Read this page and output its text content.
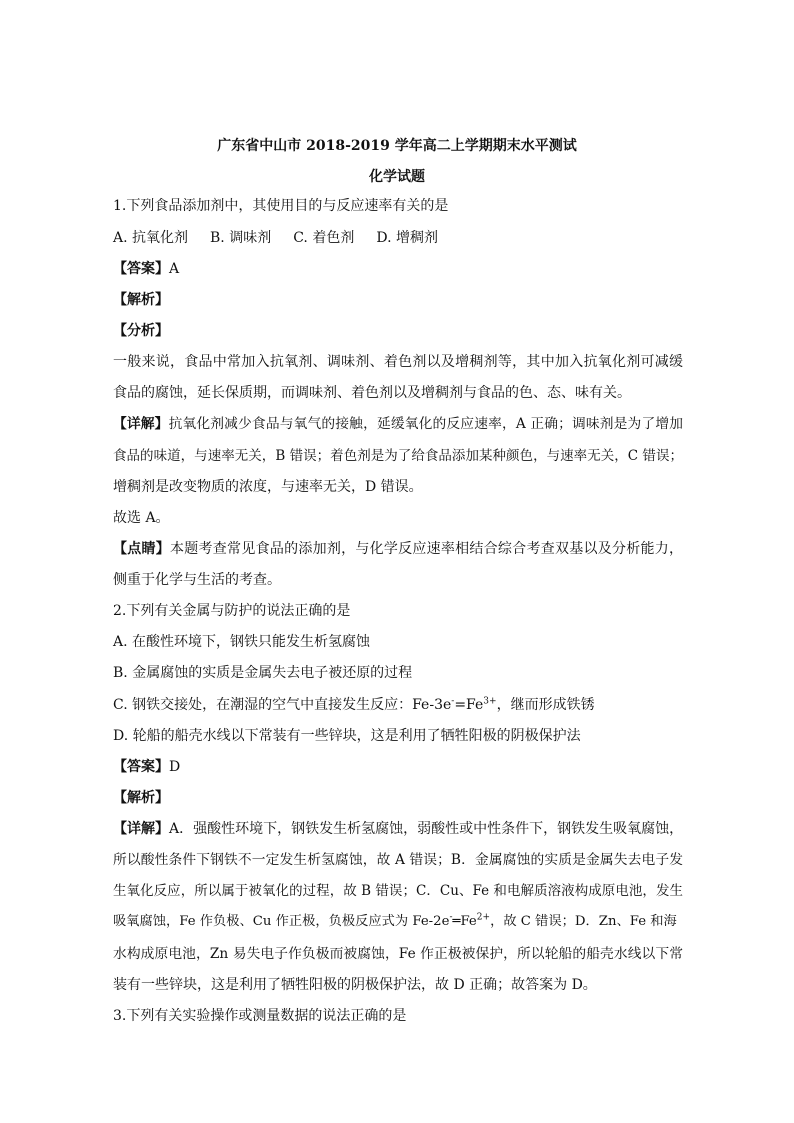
广东省中山市 2018-2019 学年高二上学期期末水平测试
化学试题
1.下列食品添加剂中，其使用目的与反应速率有关的是
A. 抗氧化剂 B. 调味剂 C. 着色剂 D. 增稠剂
【答案】A
【解析】
【分析】
一般来说，食品中常加入抗氧剂、调味剂、着色剂以及增稠剂等，其中加入抗氧化剂可减缓
食品的腐蚀，延长保质期，而调味剂、着色剂以及增稠剂与食品的色、态、味有关。
【详解】抗氧化剂减少食品与氧气的接触，延缓氧化的反应速率，A 正确；调味剂是为了增加
食品的味道，与速率无关，B 错误；着色剂是为了给食品添加某种颜色，与速率无关，C 错误；
增稠剂是改变物质的浓度，与速率无关，D 错误。
故选 A。
【点睛】本题考查常见食品的添加剂，与化学反应速率相结合综合考查双基以及分析能力，
侧重于化学与生活的考查。
2.下列有关金属与防护的说法正确的是
A. 在酸性环境下，钢铁只能发生析氢腐蚀
B. 金属腐蚀的实质是金属失去电子被还原的过程
C. 钢铁交接处，在潮湿的空气中直接发生反应：$Fe-3e^-=Fe^{3+}$，继而形成铁锈
D. 轮船的船壳水线以下常装有一些锌块，这是利用了牺牲阳极的阴极保护法
【答案】D
【解析】
【详解】A．强酸性环境下，钢铁发生析氢腐蚀，弱酸性或中性条件下，钢铁发生吸氧腐蚀，
所以酸性条件下钢铁不一定发生析氢腐蚀，故 A 错误；B．金属腐蚀的实质是金属失去电子发
生氧化反应，所以属于被氧化的过程，故 B 错误；C．Cu、Fe 和电解质溶液构成原电池，发生
吸氧腐蚀，Fe 作负极、Cu 作正极，负极反应式为 $Fe-2e^-═Fe^{2+}$，故 C 错误；D．Zn、Fe 和海
水构成原电池，Zn 易失电子作负极而被腐蚀，Fe 作正极被保护，所以轮船的船壳水线以下常
装有一些锌块，这是利用了牺牲阳极的阴极保护法，故 D 正确；故答案为 D。
3.下列有关实验操作或测量数据的说法正确的是
